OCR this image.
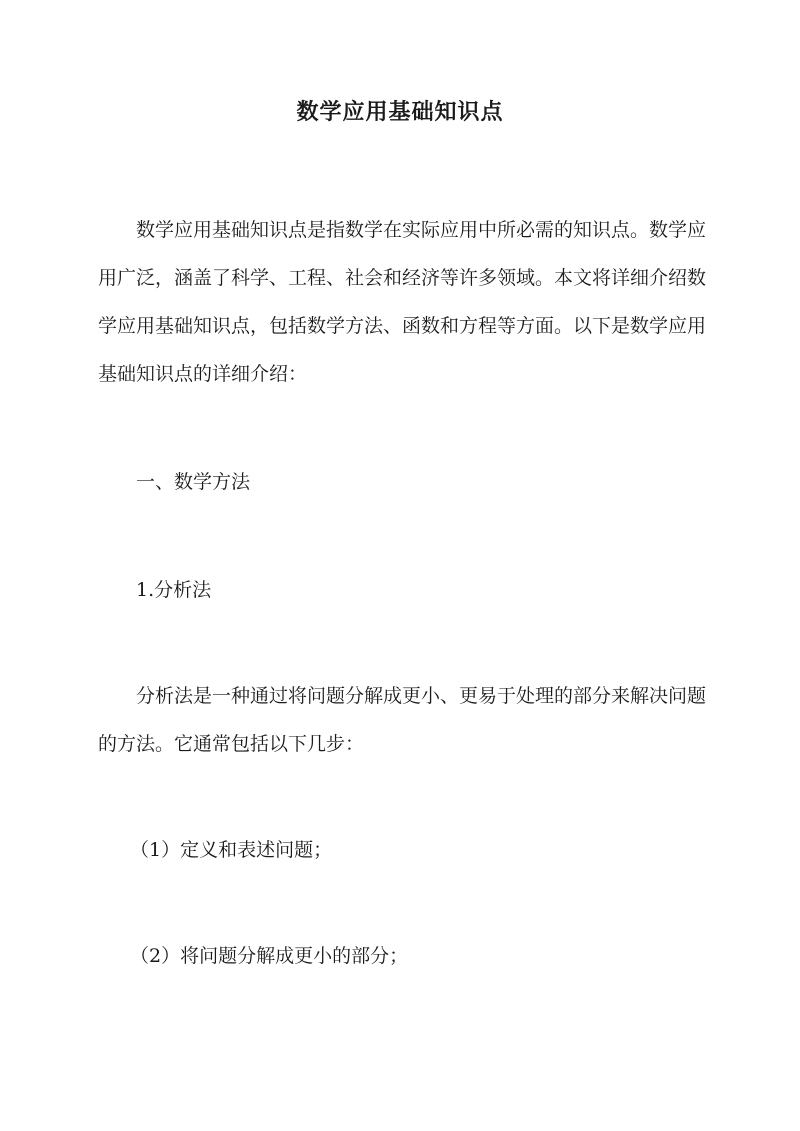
数学应用基础知识点
数学应用基础知识点是指数学在实际应用中所必需的知识点。数学应
用广泛，涵盖了科学、工程、社会和经济等许多领域。本文将详细介绍数
学应用基础知识点，包括数学方法、函数和方程等方面。以下是数学应用
基础知识点的详细介绍：
一、数学方法
1.分析法
分析法是一种通过将问题分解成更小、更易于处理的部分来解决问题
的方法。它通常包括以下几步：
（1）定义和表述问题；
（2）将问题分解成更小的部分；
